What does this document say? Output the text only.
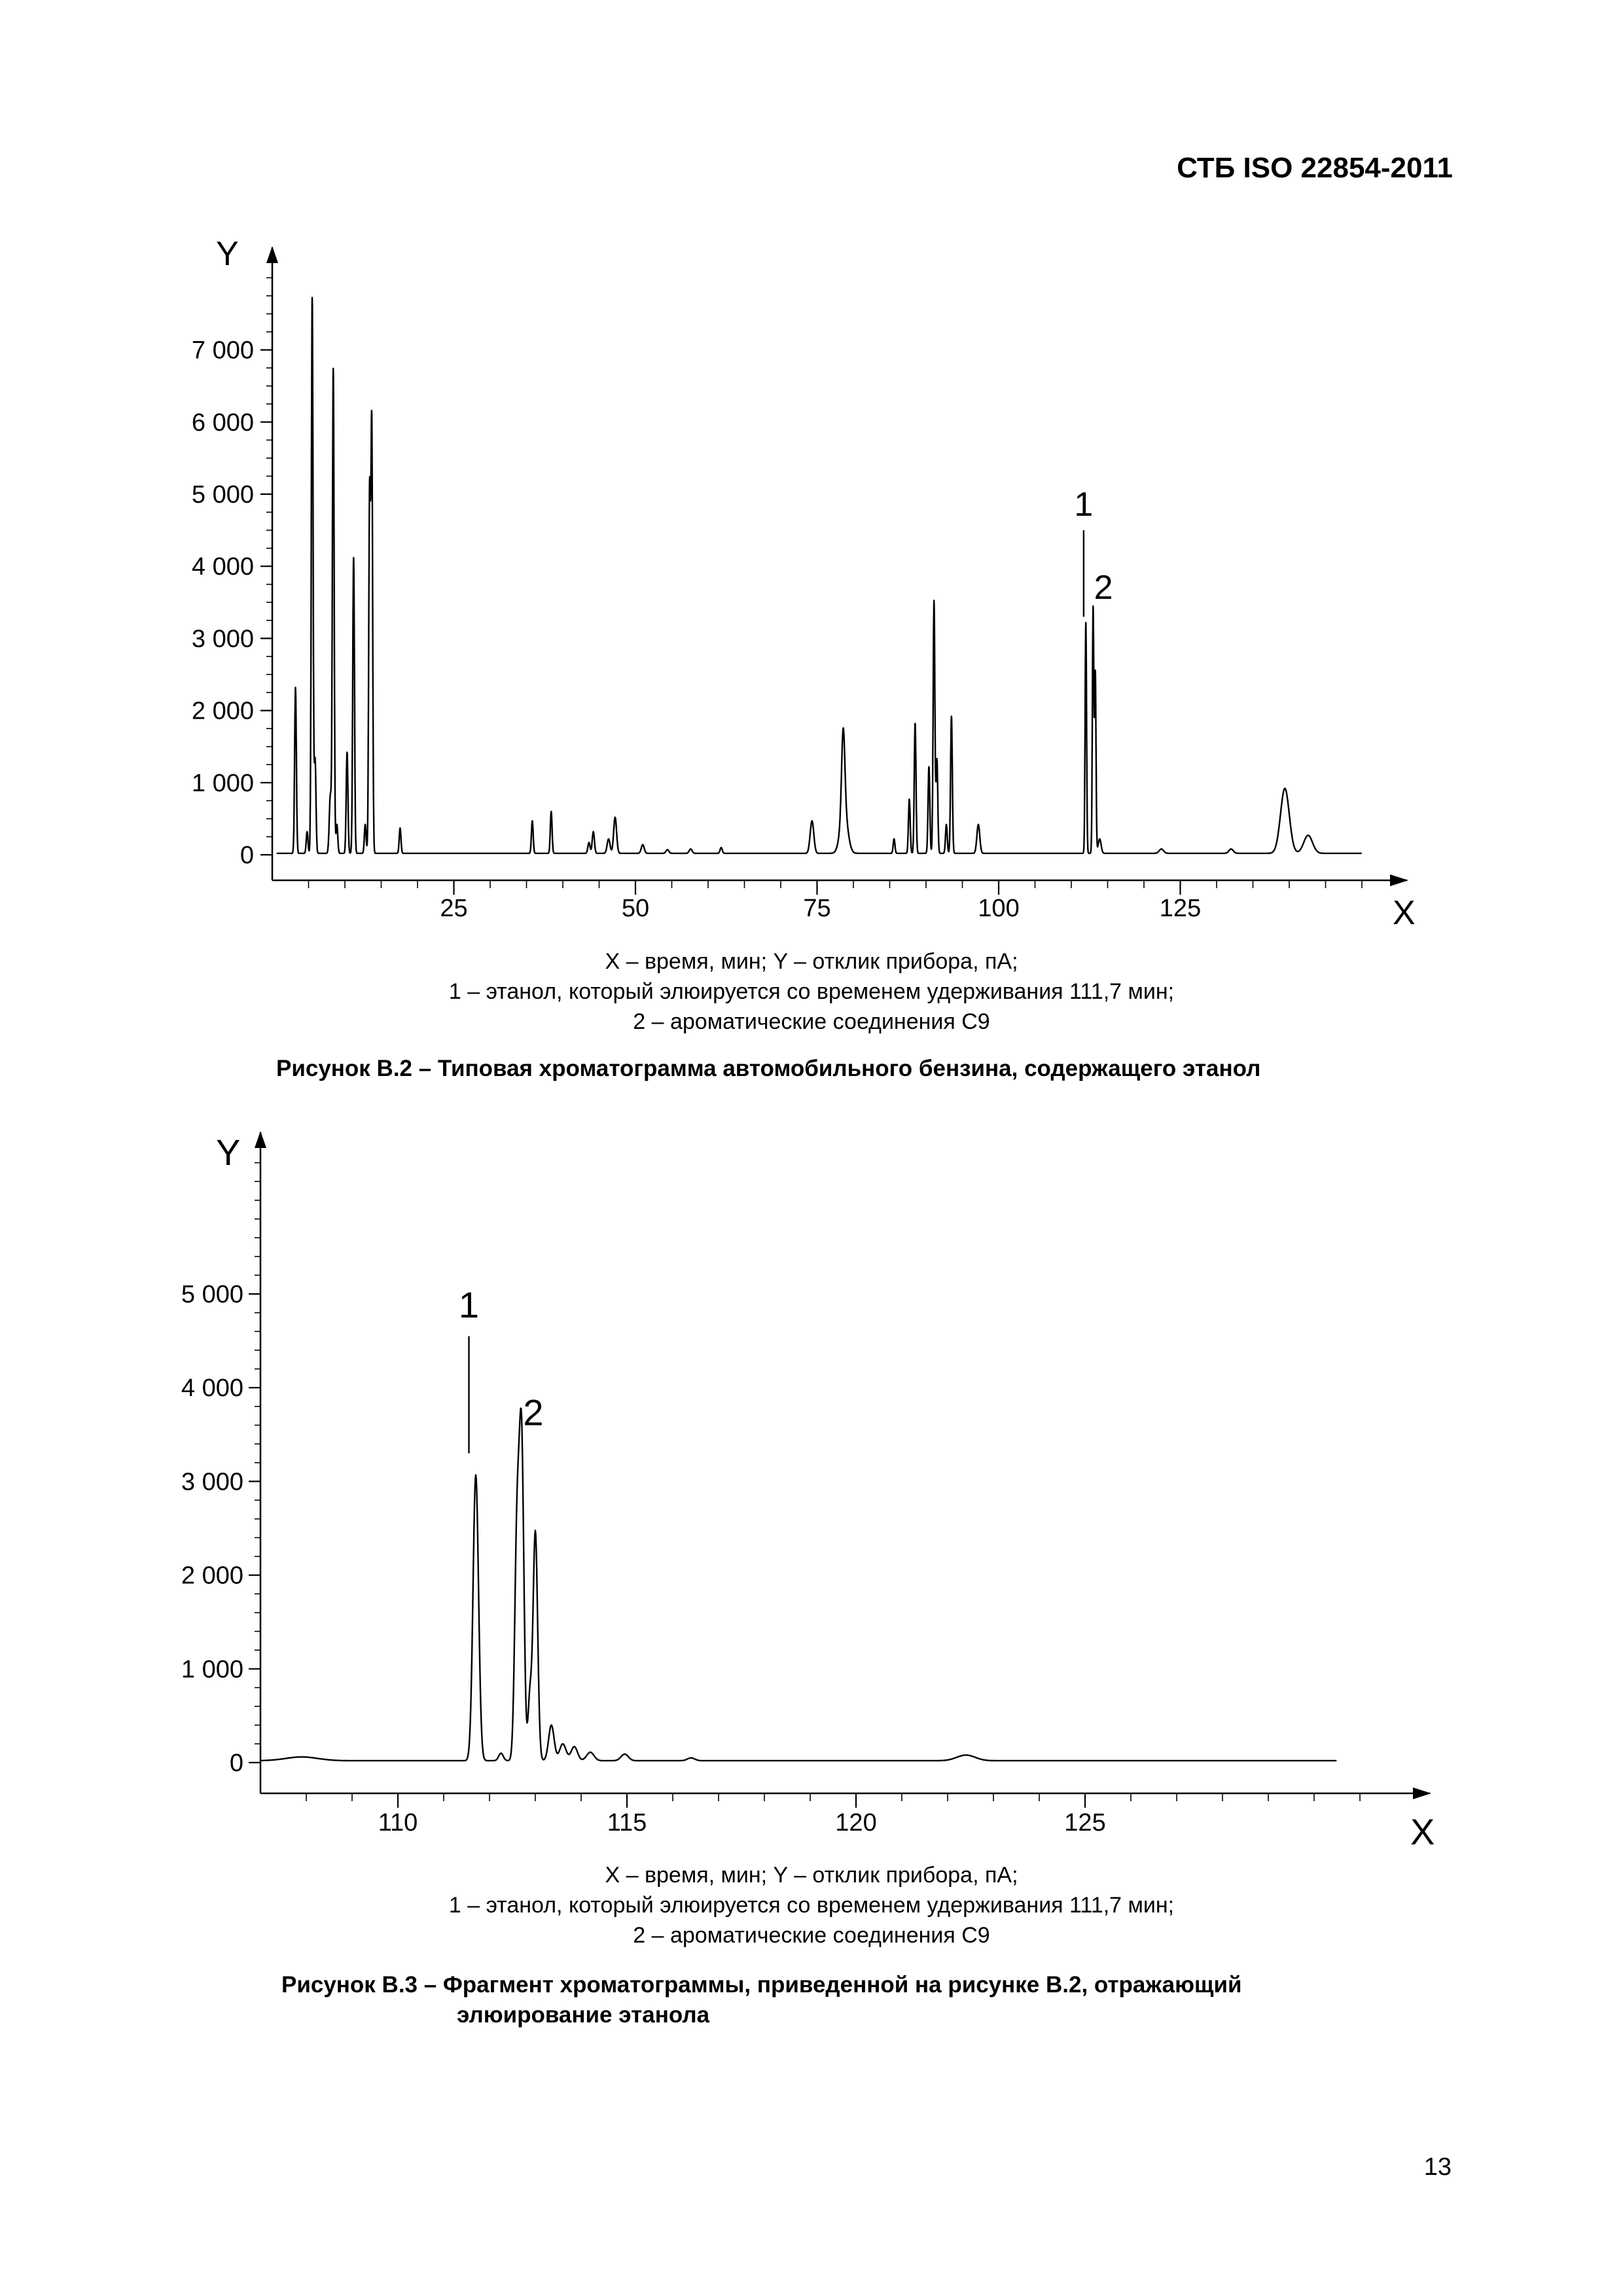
СТБ ISO 22854-2011
0
1 000
2 000
3 000
4 000
5 000
6 000
7 000
25	50	75	100	125
Y
X
1
2
X – время, мин; Y – отклик прибора, пА;
1 – этанол, который элюируется со временем удерживания 111,7 мин;
2 – ароматические соединения С9
Рисунок В.2 – Типовая хроматограмма автомобильного бензина, содержащего этанол
0
1 000
2 000
3 000
4 000
5 000
110	115	120	125
Y
X
1
2
X – время, мин; Y – отклик прибора, пА;
1 – этанол, который элюируется со временем удерживания 111,7 мин;
2 – ароматические соединения С9
Рисунок В.3 – Фрагмент хроматограммы, приведенной на рисунке В.2, отражающий
элюирование этанола
13
